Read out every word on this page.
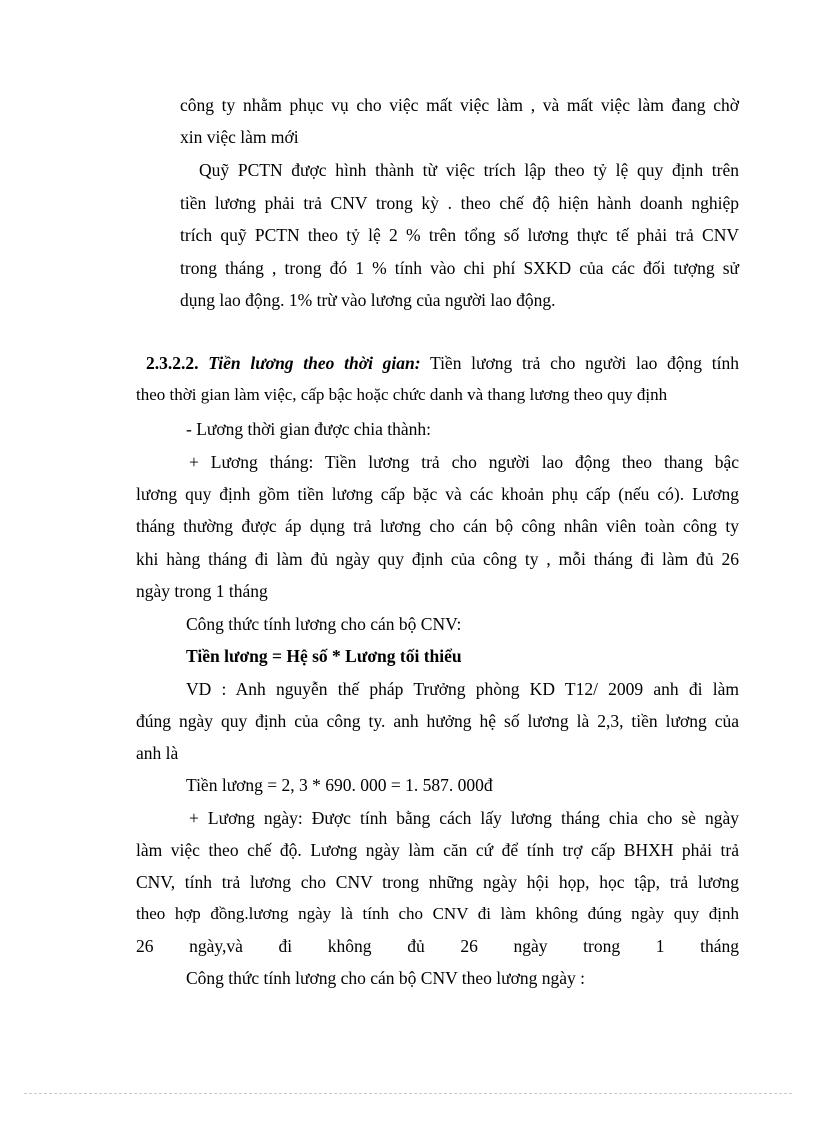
công ty nhằm phục vụ cho việc mất việc làm , và mất việc làm đang chờ
xin việc làm mới
Quỹ PCTN được hình thành từ việc trích lập theo tỷ lệ quy định trên
tiền lương phải trả CNV trong kỳ . theo chế độ hiện hành doanh nghiệp
trích quỹ PCTN theo tỷ lệ 2 % trên tổng số lương thực tế phải trả CNV
trong tháng , trong đó 1 % tính vào chi phí SXKD của các đối tượng sử
dụng lao động. 1% trừ vào lương của người lao động.
2.3.2.2. Tiền lương theo thời gian: Tiền lương trả cho người lao động tính
theo thời gian làm việc, cấp bậc hoặc chức danh và thang lương theo quy định
- Lương thời gian được chia thành:
+ Lương tháng: Tiền lương trả cho người lao động theo thang bậc
lương quy định gồm tiền lương cấp bặc và các khoản phụ cấp (nếu có). Lương
tháng thường được áp dụng trả lương cho cán bộ công nhân viên toàn công ty
khi hàng tháng đi làm đủ ngày quy định của công ty , mỗi tháng đi làm đủ 26
ngày trong 1 tháng
Công thức tính lương cho cán bộ CNV:
Tiền lương = Hệ số * Lương tối thiểu
VD : Anh nguyễn thế pháp Trưởng phòng KD T12/ 2009 anh đi làm
đúng ngày quy định của công ty. anh hưởng hệ số lương là 2,3, tiền lương của
anh là
Tiền lương = 2, 3 * 690. 000 = 1. 587. 000đ
+ Lương ngày: Được tính bằng cách lấy lương tháng chia cho sè ngày
làm việc theo chế độ. Lương ngày làm căn cứ để tính trợ cấp BHXH phải trả
CNV, tính trả lương cho CNV trong những ngày hội họp, học tập, trả lương
theo hợp đồng.lương ngày là tính cho CNV đi làm không đúng ngày quy định
26 ngày,và đi không đủ 26 ngày trong 1 tháng
Công thức tính lương cho cán bộ CNV theo lương ngày :
